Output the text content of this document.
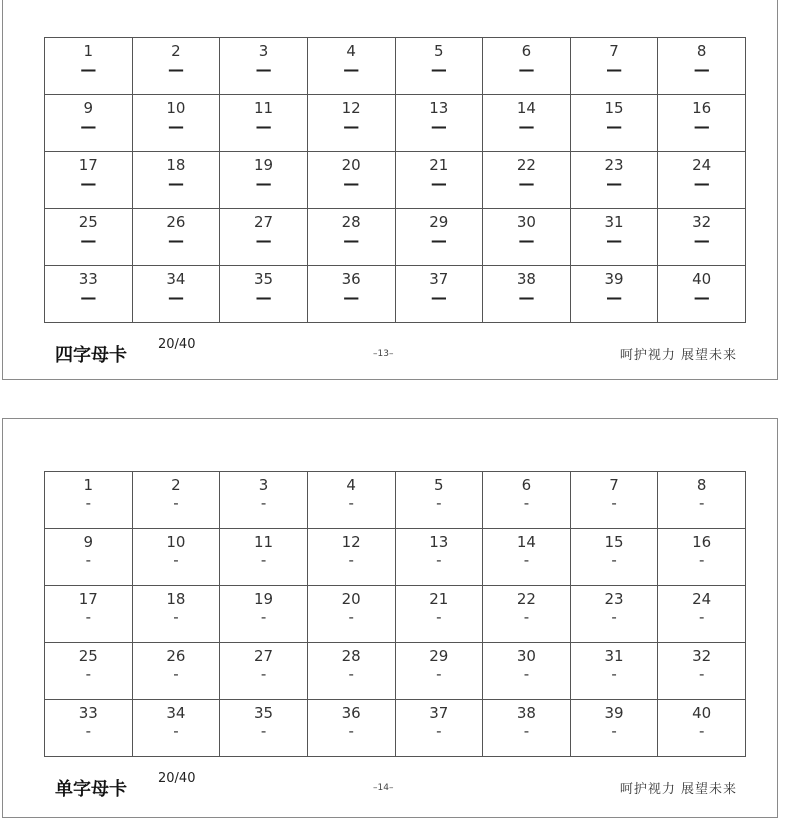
1
—
2
—
3
—
4
—
5
—
6
—
7
—
8
—
9
—
10
—
11
—
12
—
13
—
14
—
15
—
16
—
17
—
18
—
19
—
20
—
21
—
22
—
23
—
24
—
25
—
26
—
27
—
28
—
29
—
30
—
31
—
32
—
33
—
34
—
35
—
36
—
37
—
38
—
39
—
40
—
四字母卡
20/40
–13–	呵护视力 展望未来
1
-
2
-
3
-
4
-
5
-
6
-
7
-
8
-
9
-
10
-
11
-
12
-
13
-
14
-
15
-
16
-
17
-
18
-
19
-
20
-
21
-
22
-
23
-
24
-
25
-
26
-
27
-
28
-
29
-
30
-
31
-
32
-
33
-
34
-
35
-
36
-
37
-
38
-
39
-
40
-
单字母卡
20/40
–14–	呵护视力 展望未来
